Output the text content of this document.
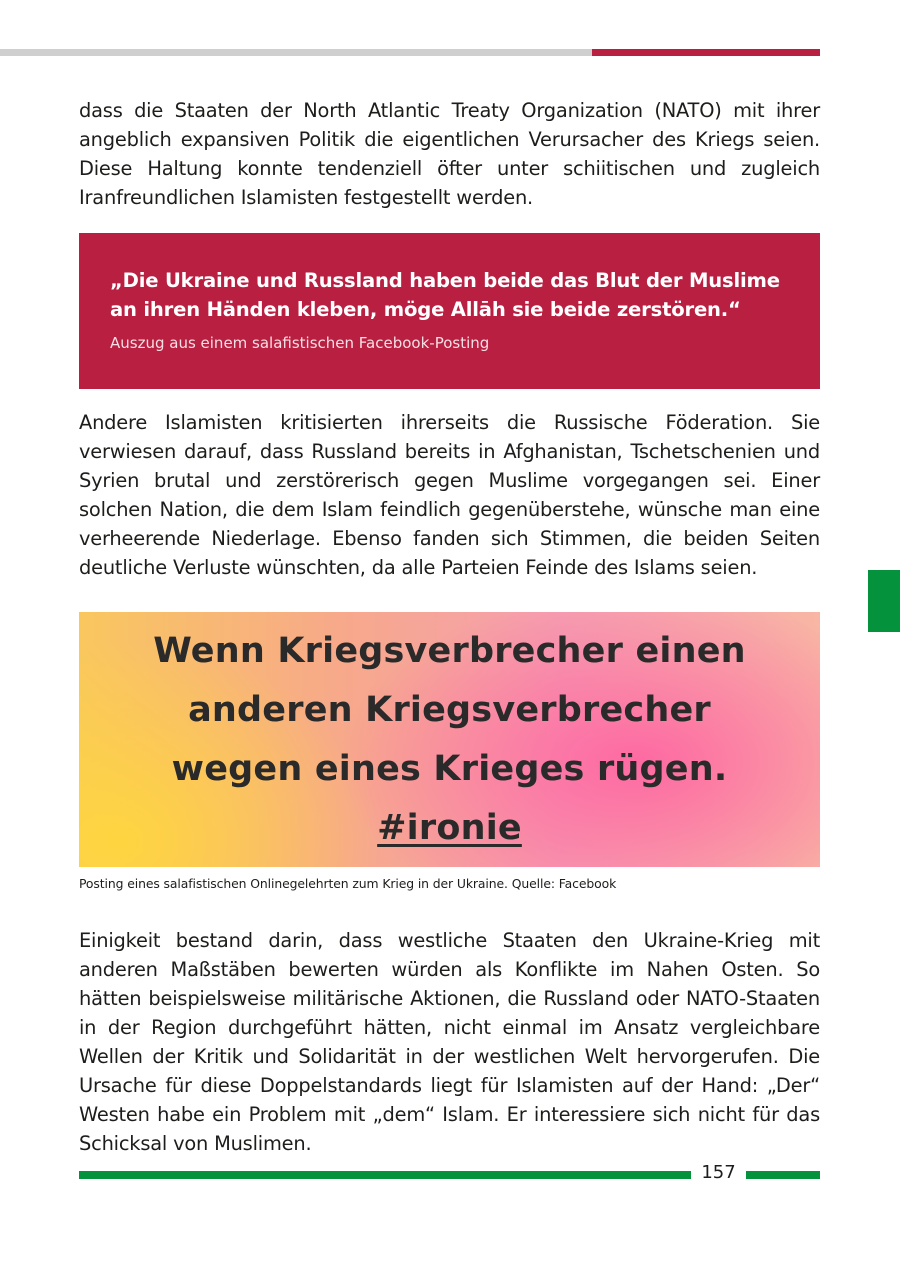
dass die Staaten der North Atlantic Treaty Organization (NATO) mit ihrer angeblich expansiven Politik die eigentlichen Verursacher des Kriegs seien. Diese Haltung konnte tendenziell öfter unter schiitischen und zugleich Iranfreundlichen Islamisten festgestellt werden.

„Die Ukraine und Russland haben beide das Blut der Muslime an ihren Händen kleben, möge Allāh sie beide zerstören.“

Auszug aus einem salafistischen Facebook-Posting

Andere Islamisten kritisierten ihrerseits die Russische Föderation. Sie verwiesen darauf, dass Russland bereits in Afghanistan, Tschetschenien und Syrien brutal und zerstörerisch gegen Muslime vorgegangen sei. Einer solchen Nation, die dem Islam feindlich gegenüberstehe, wünsche man eine verheerende Niederlage. Ebenso fanden sich Stimmen, die beiden Seiten deutliche Verluste wünschten, da alle Parteien Feinde des Islams seien.

Wenn Kriegsverbrecher einen

anderen Kriegsverbrecher

wegen eines Krieges rügen.

#ironie

Posting eines salafistischen Onlinegelehrten zum Krieg in der Ukraine. Quelle: Facebook

Einigkeit bestand darin, dass westliche Staaten den Ukraine-Krieg mit anderen Maßstäben bewerten würden als Konflikte im Nahen Osten. So hätten beispielsweise militärische Aktionen, die Russland oder NATO-Staaten in der Region durchgeführt hätten, nicht einmal im Ansatz vergleichbare Wellen der Kritik und Solidarität in der westlichen Welt hervorgerufen. Die Ursache für diese Doppelstandards liegt für Islamisten auf der Hand: „Der“ Westen habe ein Problem mit „dem“ Islam. Er interessiere sich nicht für das Schicksal von Muslimen.

157
